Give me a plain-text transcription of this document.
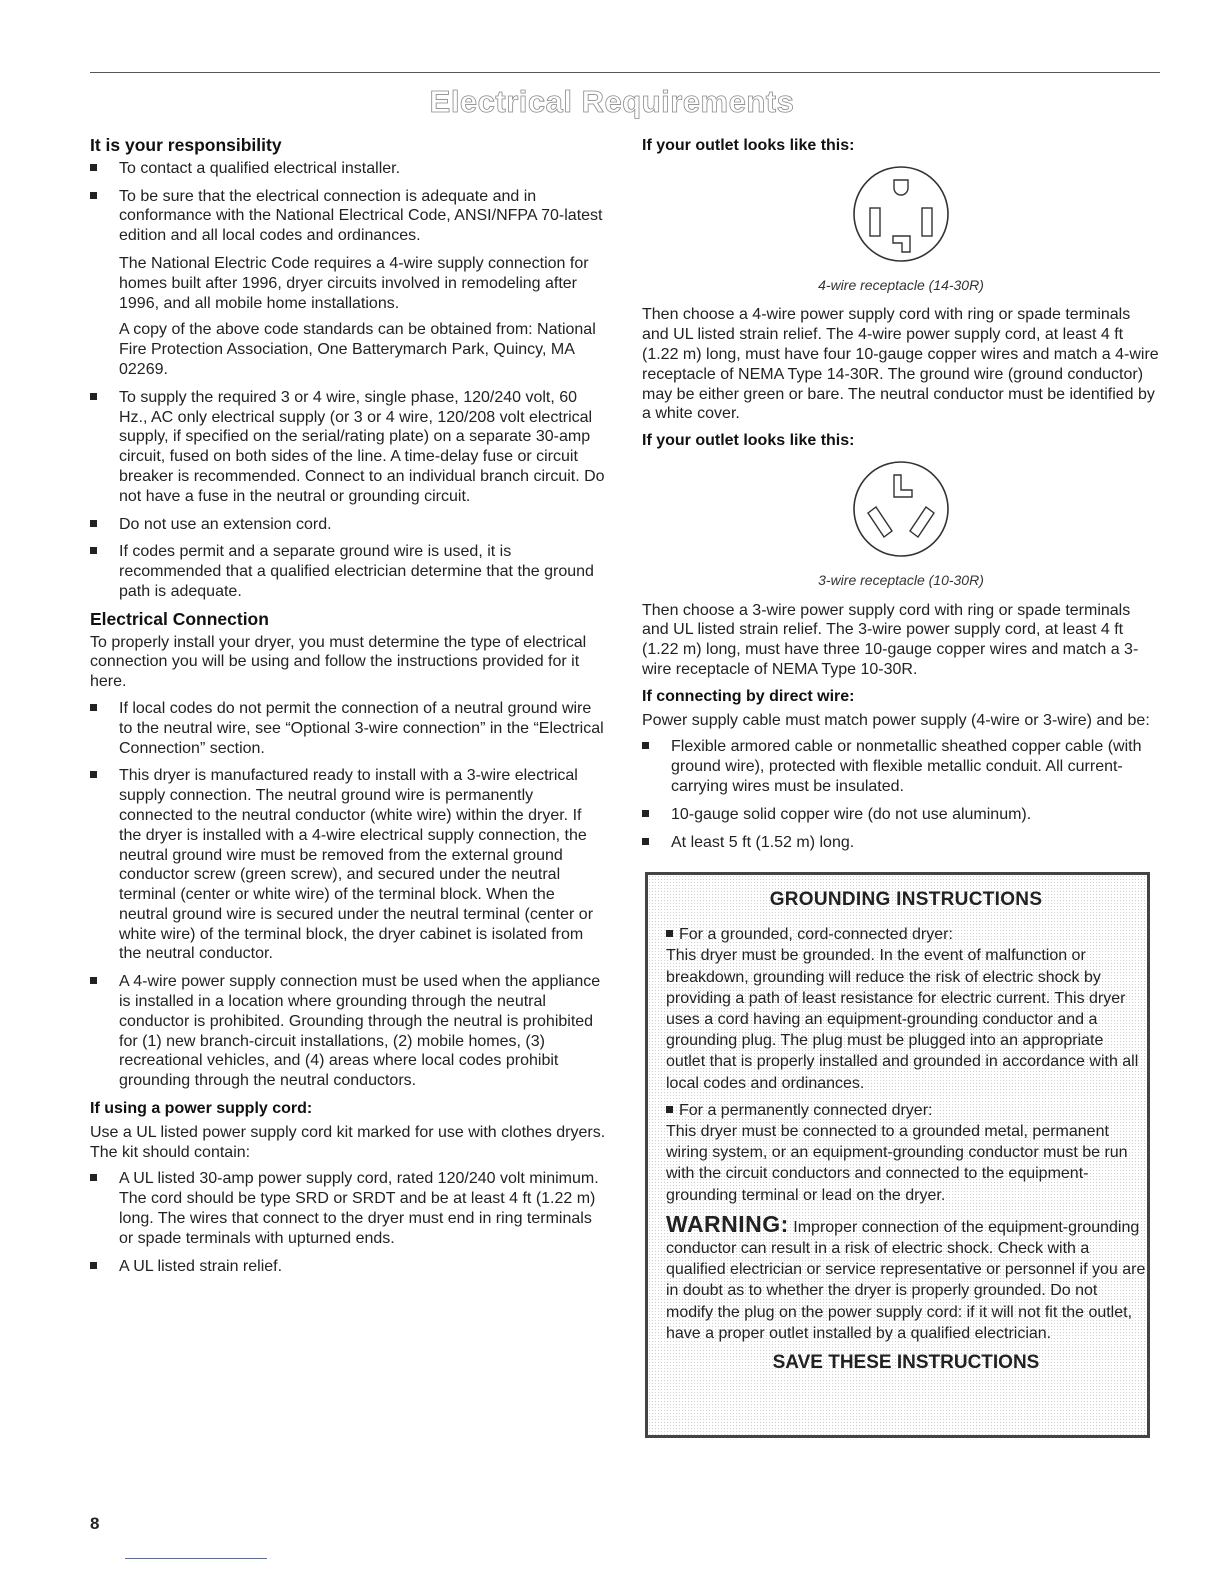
Electrical Requirements
It is your responsibility
To contact a qualified electrical installer.
To be sure that the electrical connection is adequate and in conformance with the National Electrical Code, ANSI/NFPA 70-latest edition and all local codes and ordinances.

The National Electric Code requires a 4-wire supply connection for homes built after 1996, dryer circuits involved in remodeling after 1996, and all mobile home installations.

A copy of the above code standards can be obtained from: National Fire Protection Association, One Batterymarch Park, Quincy, MA 02269.

To supply the required 3 or 4 wire, single phase, 120/240 volt, 60 Hz., AC only electrical supply (or 3 or 4 wire, 120/208 volt electrical supply, if specified on the serial/rating plate) on a separate 30-amp circuit, fused on both sides of the line. A time-delay fuse or circuit breaker is recommended. Connect to an individual branch circuit. Do not have a fuse in the neutral or grounding circuit.
Do not use an extension cord.
If codes permit and a separate ground wire is used, it is recommended that a qualified electrician determine that the ground path is adequate.
Electrical Connection

To properly install your dryer, you must determine the type of electrical connection you will be using and follow the instructions provided for it here.

If local codes do not permit the connection of a neutral ground wire to the neutral wire, see “Optional 3-wire connection” in the “Electrical Connection” section.
This dryer is manufactured ready to install with a 3-wire electrical supply connection. The neutral ground wire is permanently connected to the neutral conductor (white wire) within the dryer. If the dryer is installed with a 4-wire electrical supply connection, the neutral ground wire must be removed from the external ground conductor screw (green screw), and secured under the neutral terminal (center or white wire) of the terminal block. When the neutral ground wire is secured under the neutral terminal (center or white wire) of the terminal block, the dryer cabinet is isolated from the neutral conductor.
A 4-wire power supply connection must be used when the appliance is installed in a location where grounding through the neutral conductor is prohibited. Grounding through the neutral is prohibited for (1) new branch-circuit installations, (2) mobile homes, (3) recreational vehicles, and (4) areas where local codes prohibit grounding through the neutral conductors.
If using a power supply cord:

Use a UL listed power supply cord kit marked for use with clothes dryers. The kit should contain:

A UL listed 30-amp power supply cord, rated 120/240 volt minimum. The cord should be type SRD or SRDT and be at least 4 ft (1.22 m) long. The wires that connect to the dryer must end in ring terminals or spade terminals with upturned ends.
A UL listed strain relief.
If your outlet looks like this:
4-wire receptacle (14-30R)

Then choose a 4-wire power supply cord with ring or spade terminals and UL listed strain relief. The 4-wire power supply cord, at least 4 ft (1.22 m) long, must have four 10-gauge copper wires and match a 4-wire receptacle of NEMA Type 14-30R. The ground wire (ground conductor) may be either green or bare. The neutral conductor must be identified by a white cover.

If your outlet looks like this:
3-wire receptacle (10-30R)

Then choose a 3-wire power supply cord with ring or spade terminals and UL listed strain relief. The 3-wire power supply cord, at least 4 ft (1.22 m) long, must have three 10-gauge copper wires and match a 3-wire receptacle of NEMA Type 10-30R.

If connecting by direct wire:

Power supply cable must match power supply (4-wire or 3-wire) and be:

Flexible armored cable or nonmetallic sheathed copper cable (with ground wire), protected with flexible metallic conduit. All current-carrying wires must be insulated.
10-gauge solid copper wire (do not use aluminum).
At least 5 ft (1.52 m) long.
GROUNDING INSTRUCTIONS
For a grounded, cord-connected dryer:

This dryer must be grounded. In the event of malfunction or breakdown, grounding will reduce the risk of electric shock by providing a path of least resistance for electric current. This dryer uses a cord having an equipment-grounding conductor and a grounding plug. The plug must be plugged into an appropriate outlet that is properly installed and grounded in accordance with all local codes and ordinances.

For a permanently connected dryer:

This dryer must be connected to a grounded metal, permanent wiring system, or an equipment-grounding conductor must be run with the circuit conductors and connected to the equipment-grounding terminal or lead on the dryer.

WARNING: Improper connection of the equipment-grounding conductor can result in a risk of electric shock. Check with a qualified electrician or service representative or personnel if you are in doubt as to whether the dryer is properly grounded. Do not modify the plug on the power supply cord: if it will not fit the outlet, have a proper outlet installed by a qualified electrician.

SAVE THESE INSTRUCTIONS
8
